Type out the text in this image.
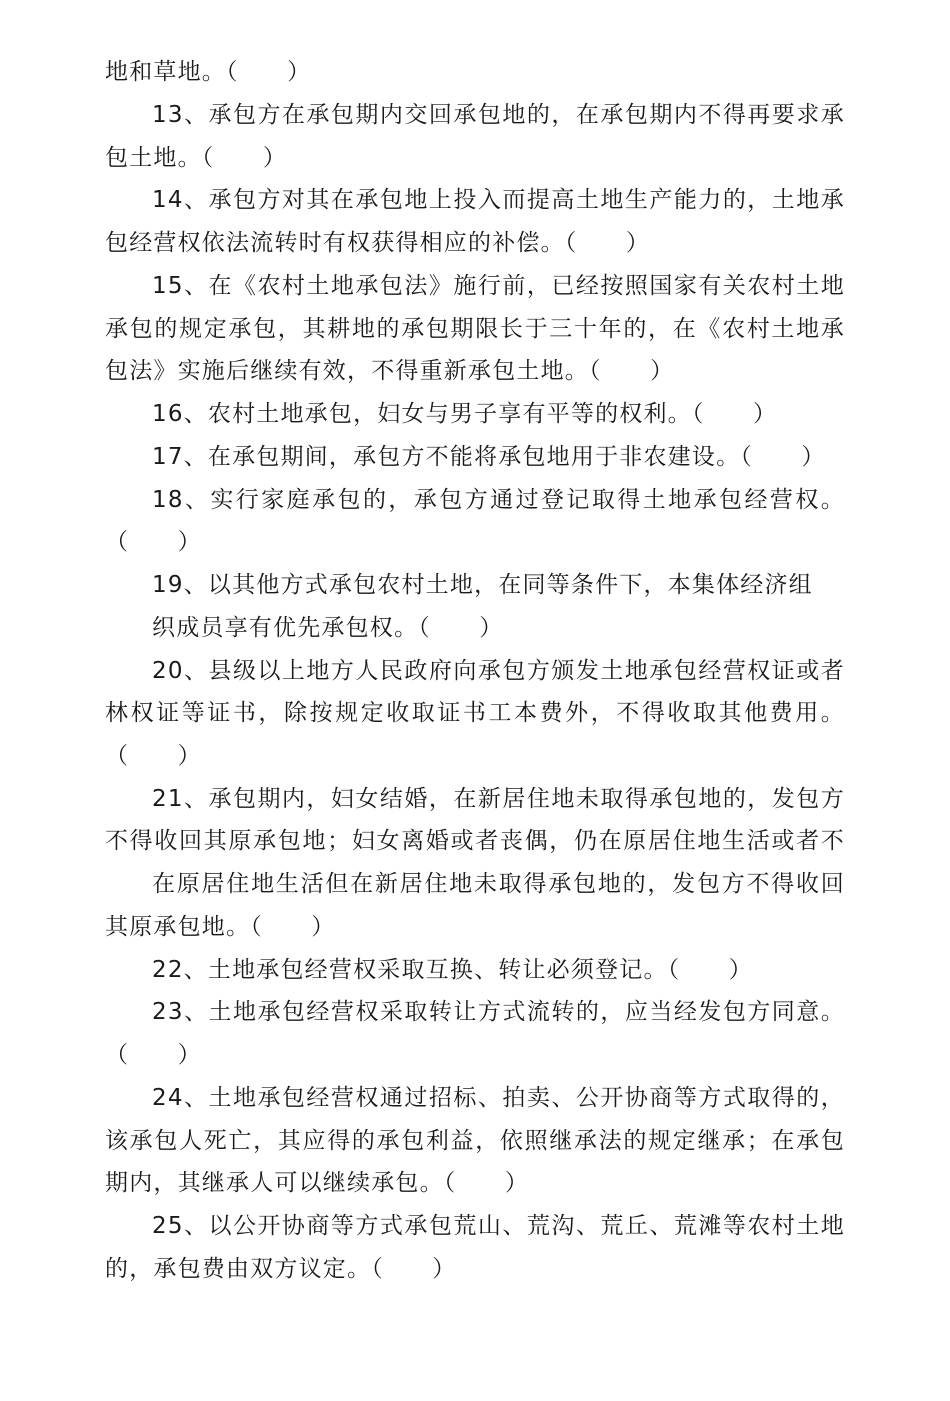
地和草地。（　　）
13、承包方在承包期内交回承包地的，在承包期内不得再要求承
包土地。（　　）
14、承包方对其在承包地上投入而提高土地生产能力的，土地承
包经营权依法流转时有权获得相应的补偿。（　　）
15、在《农村土地承包法》施行前，已经按照国家有关农村土地
承包的规定承包，其耕地的承包期限长于三十年的，在《农村土地承
包法》实施后继续有效，不得重新承包土地。（　　）
16、农村土地承包，妇女与男子享有平等的权利。（　　）
17、在承包期间，承包方不能将承包地用于非农建设。（　　）
18、实行家庭承包的，承包方通过登记取得土地承包经营权。
（　　）
19、以其他方式承包农村土地，在同等条件下，本集体经济组
织成员享有优先承包权。（　　）
20、县级以上地方人民政府向承包方颁发土地承包经营权证或者
林权证等证书，除按规定收取证书工本费外，不得收取其他费用。
（　　）
21、承包期内，妇女结婚，在新居住地未取得承包地的，发包方
不得收回其原承包地；妇女离婚或者丧偶，仍在原居住地生活或者不
在原居住地生活但在新居住地未取得承包地的，发包方不得收回
其原承包地。（　　）
22、土地承包经营权采取互换、转让必须登记。（　　）
23、土地承包经营权采取转让方式流转的，应当经发包方同意。
（　　）
24、土地承包经营权通过招标、拍卖、公开协商等方式取得的，
该承包人死亡，其应得的承包利益，依照继承法的规定继承；在承包
期内，其继承人可以继续承包。（　　）
25、以公开协商等方式承包荒山、荒沟、荒丘、荒滩等农村土地
的，承包费由双方议定。（　　）
